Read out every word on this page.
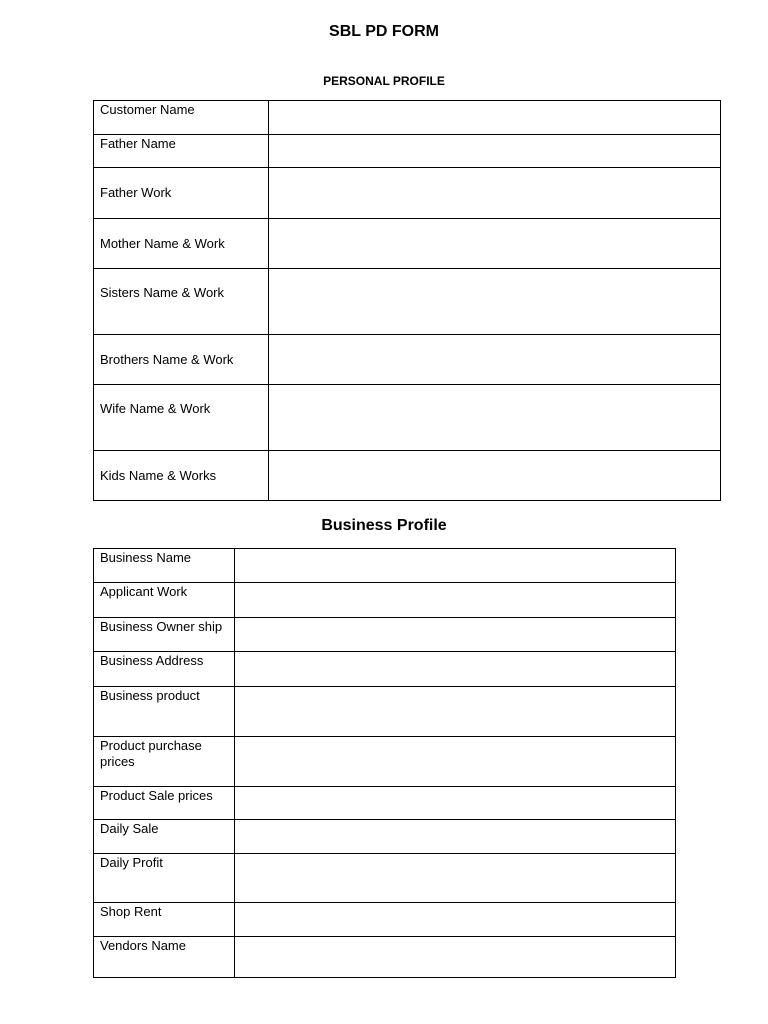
SBL PD FORM
PERSONAL PROFILE
Customer Name	
Father Name	
Father Work	
Mother Name & Work	
Sisters Name & Work	
Brothers Name & Work	
Wife Name & Work	
Kids Name & Works	
Business Profile
Business Name	
Applicant Work	
Business Owner ship	
Business Address	
Business product	
Product purchase prices	
Product Sale prices	
Daily Sale	
Daily Profit	
Shop Rent	
Vendors Name	
